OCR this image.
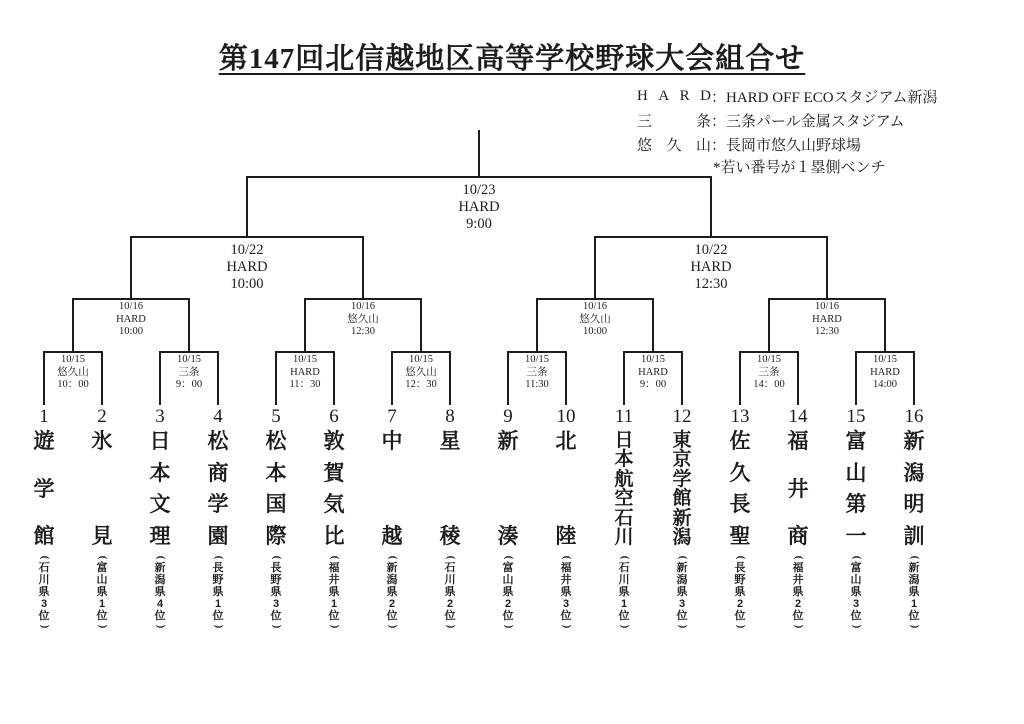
第147回北信越地区高等学校野球大会組合せ
H A R D ： HARD OFF ECOスタジアム新潟
三	条 ： 三条パール金属スタジアム
悠 久 山 ： 長岡市悠久山野球場
*若い番号が１塁側ベンチ
1
遊
学
館
(
石
川
県
3
位
)
2
氷
見
(
富
山
県
1
位
)
3
日
本
文
理
(
新
潟
県
4
位
)
4
松
商
学
園
(
長
野
県
1
位
)
5
松
本
国
際
(
長
野
県
3
位
)
6
敦
賀
気
比
(
福
井
県
1
位
)
7
中
越
(
新
潟
県
2
位
)
8
星
稜
(
石
川
県
2
位
)
9
新
湊
(
富
山
県
2
位
)
10
北
陸
(
福
井
県
3
位
)
11
日
本
航
空
石
川
(
石
川
県
1
位
)
12
東
京
学
館
新
潟
(
新
潟
県
3
位
)
13
佐
久
長
聖
(
長
野
県
2
位
)
14
福
井
商
(
福
井
県
2
位
)
15
富
山
第
一
(
富
山
県
3
位
)
16
新
潟
明
訓
(
新
潟
県
1
位
)
10/15
悠久山
10：00
10/15
三条
9：00
10/15
HARD
11：30
10/15
悠久山
12：30
10/15
三条
11:30
10/15
HARD
9：00
10/15
三条
14：00
10/15
HARD
14:00
10/16
HARD
10:00
10/16
悠久山
12:30
10/16
悠久山
10:00
10/16
HARD
12:30
10/22
HARD
10:00
10/22
HARD
12:30
10/23
HARD
9:00
